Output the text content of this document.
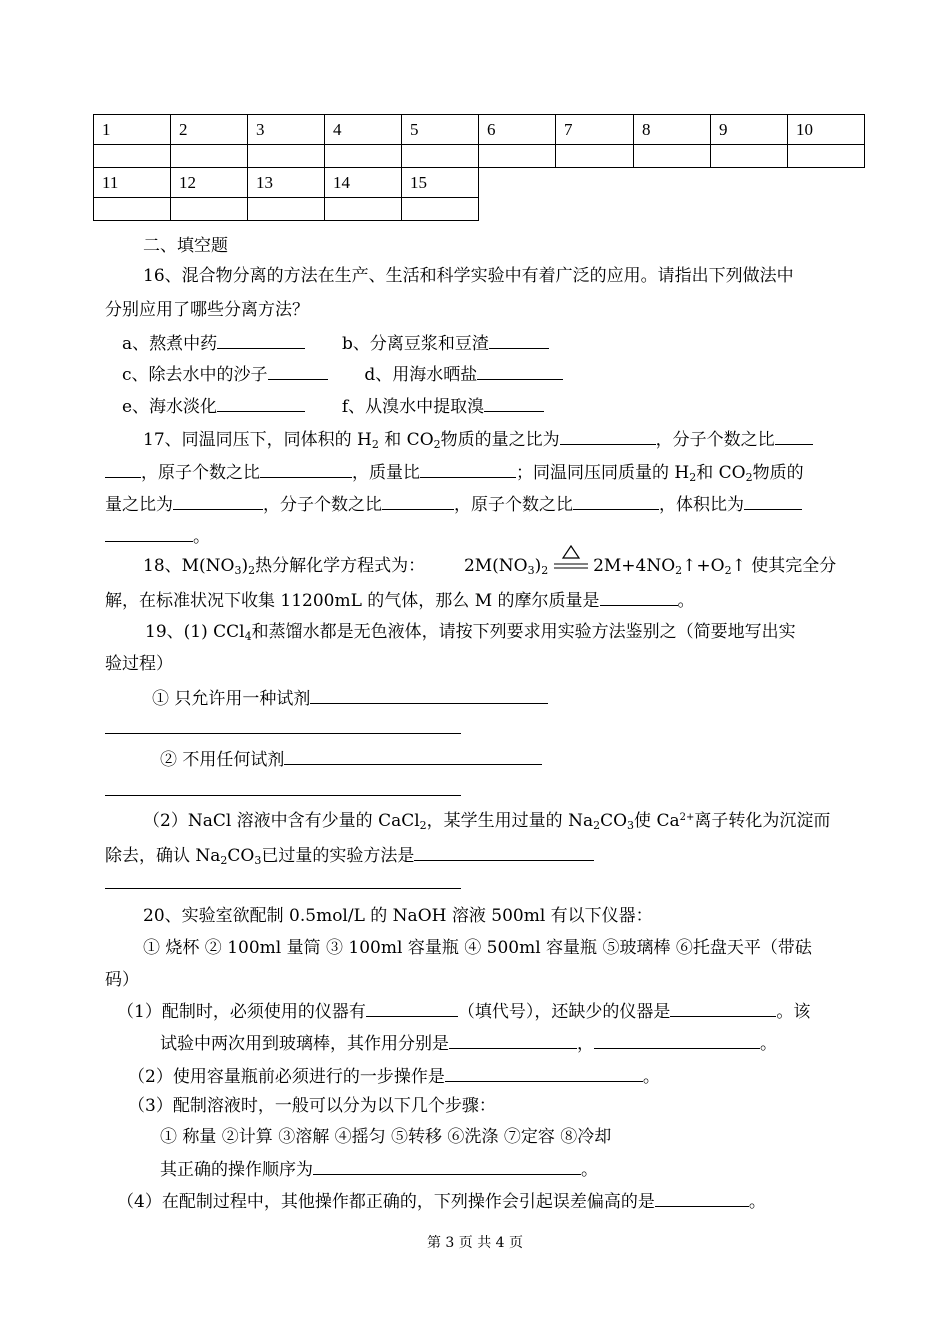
1	2	3	4	5	6	7	8	9	10

11	12	13	14	15					

二、填空题
16、混合物分离的方法在生产、生活和科学实验中有着广泛的应用。请指出下列做法中
分别应用了哪些分离方法？
a、熬煮中药	b、分离豆浆和豆渣
c、除去水中的沙子	d、用海水晒盐
e、海水淡化	f、从溴水中提取溴
17、同温同压下，同体积的 $H_2$ 和 $CO_2$物质的量之比为	，分子个数之比
，原子个数之比	，质量比	；同温同压同质量的 $H_2$和 $CO_2$物质的
量之比为	，分子个数之比	，原子个数之比	，体积比为
。
18、$M(NO_3)_2$热分解化学方程式为： $2M(NO_3)_2$	$2M+4NO_2↑+O_2↑$ 使其完全分
解，在标准状况下收集 11200mL 的气体，那么 M 的摩尔质量是	。
19、(1) CCl$_4$和蒸馏水都是无色液体，请按下列要求用实验方法鉴别之（简要地写出实
验过程）
① 只允许用一种试剂
② 不用任何试剂
（2）NaCl 溶液中含有少量的 CaCl$_2$，某学生用过量的 $Na_2CO_3$使 $Ca^{2+}$离子转化为沉淀而
除去，确认 $Na_2CO_3$已过量的实验方法是
20、实验室欲配制 0.5mol/L 的 NaOH 溶液 500ml 有以下仪器：
① 烧杯 ② 100ml 量筒 ③ 100ml 容量瓶 ④ 500ml 容量瓶 ⑤玻璃棒 ⑥托盘天平（带砝
码）
（1）配制时，必须使用的仪器有	（填代号），还缺少的仪器是	。该
试验中两次用到玻璃棒，其作用分别是	，	。
（2）使用容量瓶前必须进行的一步操作是	。
（3）配制溶液时，一般可以分为以下几个步骤：
① 称量 ②计算 ③溶解 ④摇匀 ⑤转移 ⑥洗涤 ⑦定容 ⑧冷却
其正确的操作顺序为	。
（4）在配制过程中，其他操作都正确的，下列操作会引起误差偏高的是	。
第 3 页 共 4 页
